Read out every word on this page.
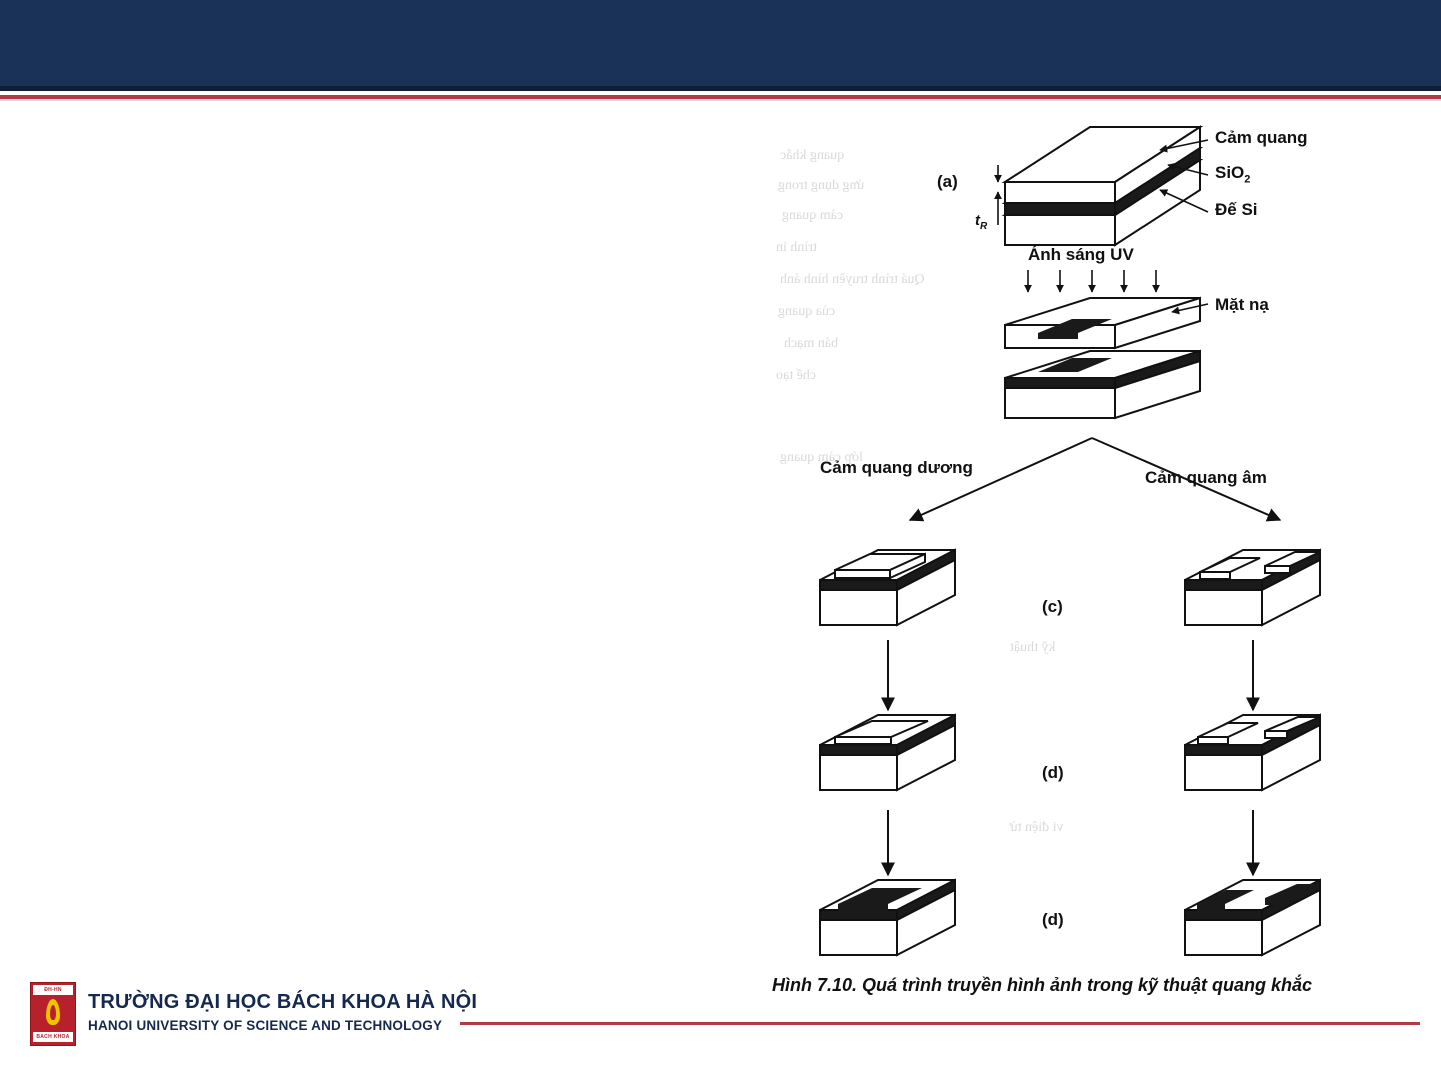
quang khắc
ứng dụng trong
cảm quang
trình in
Quá trình truyền hình ảnh
của quang
bản mạch
chế tạo
lớp cảm quang
kỹ thuật
vi điện tử
(a)
$t_R$
Cảm quang
SiO$_2$
Đế Si
Ánh sáng UV
Mặt nạ
Cảm quang dương
Cảm quang âm
(c)
(d)
(d)
Hình 7.10. Quá trình truyền hình ảnh trong kỹ thuật quang khắc
ĐH-HN
BACH KHOA
TRƯỜNG ĐẠI HỌC BÁCH KHOA HÀ NỘI
HANOI UNIVERSITY OF SCIENCE AND TECHNOLOGY
